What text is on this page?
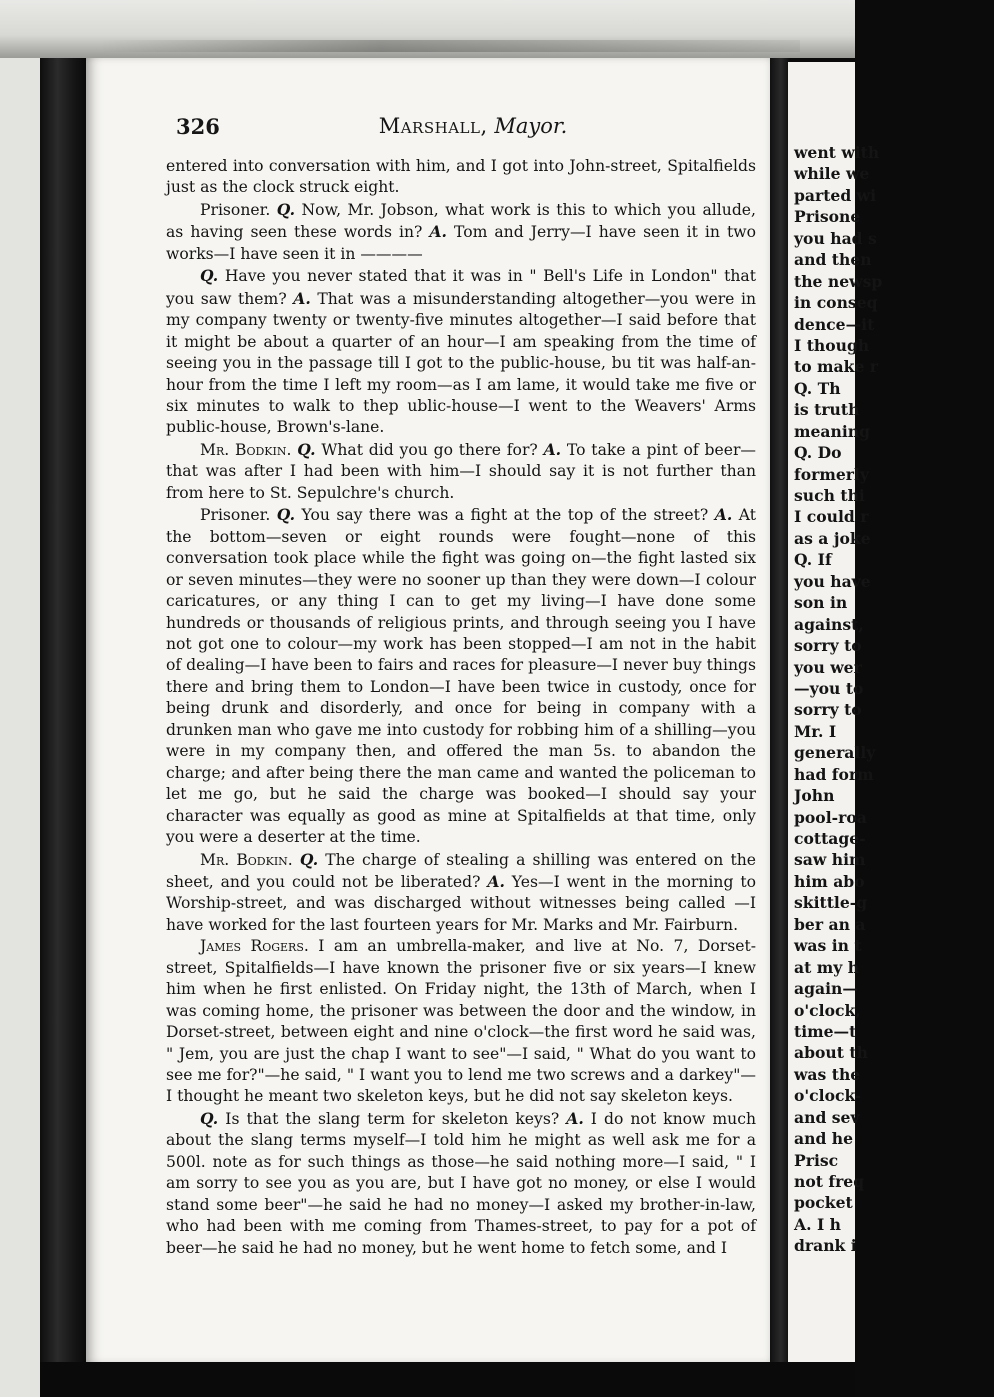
went with
while we
parted wi
Prisone
you had s
and then
the newsp
in conseq
dence—it
I though
to make r
Q. Th
is truth
meaning
Q. Do
formerly
such thi
I could r
as a joke
Q. If
you have
son in
against,
sorry to
you wer
—you to
sorry to
Mr. I
generally
had form
John
pool-roa
cottage-
saw him
him abo
skittle-g
ber an a
was in t
at my h
again—
o'clock,
time—t
about th
was the
o'clock-
and sev
and he
Prisc
not freq
pocket
A. I h
drank i
326	Marshall, Mayor.

entered into conversation with him, and I got into John-street, Spitalfields just as the clock struck eight.

Prisoner. Q. Now, Mr. Jobson, what work is this to which you allude, as having seen these words in? A. Tom and Jerry—I have seen it in two works—I have seen it in ————

Q. Have you never stated that it was in " Bell's Life in London" that you saw them? A. That was a misunderstanding altogether—you were in my company twenty or twenty-five minutes altogether—I said before that it might be about a quarter of an hour—I am speaking from the time of seeing you in the passage till I got to the public-house, bu tit was half-an-hour from the time I left my room—as I am lame, it would take me five or six minutes to walk to thep ublic-house—I went to the Weavers' Arms public-house, Brown's-lane.

Mr. Bodkin. Q. What did you go there for? A. To take a pint of beer—that was after I had been with him—I should say it is not further than from here to St. Sepulchre's church.

Prisoner. Q. You say there was a fight at the top of the street? A. At the bottom—seven or eight rounds were fought—none of this conversation took place while the fight was going on—the fight lasted six or seven minutes—they were no sooner up than they were down—I colour caricatures, or any thing I can to get my living—I have done some hundreds or thousands of religious prints, and through seeing you I have not got one to colour—my work has been stopped—I am not in the habit of dealing—I have been to fairs and races for pleasure—I never buy things there and bring them to London—I have been twice in custody, once for being drunk and disorderly, and once for being in company with a drunken man who gave me into custody for robbing him of a shilling—you were in my company then, and offered the man 5s. to abandon the charge; and after being there the man came and wanted the policeman to let me go, but he said the charge was booked—I should say your character was equally as good as mine at Spitalfields at that time, only you were a deserter at the time.

Mr. Bodkin. Q. The charge of stealing a shilling was entered on the sheet, and you could not be liberated? A. Yes—I went in the morning to Worship-street, and was discharged without witnesses being called —I have worked for the last fourteen years for Mr. Marks and Mr. Fairburn.

James Rogers. I am an umbrella-maker, and live at No. 7, Dorset-street, Spitalfields—I have known the prisoner five or six years—I knew him when he first enlisted. On Friday night, the 13th of March, when I was coming home, the prisoner was between the door and the window, in Dorset-street, between eight and nine o'clock—the first word he said was, " Jem, you are just the chap I want to see"—I said, " What do you want to see me for?"—he said, " I want you to lend me two screws and a darkey"—I thought he meant two skeleton keys, but he did not say skeleton keys.

Q. Is that the slang term for skeleton keys? A. I do not know much about the slang terms myself—I told him he might as well ask me for a 500l. note as for such things as those—he said nothing more—I said, " I am sorry to see you as you are, but I have got no money, or else I would stand some beer"—he said he had no money—I asked my brother-in-law, who had been with me coming from Thames-street, to pay for a pot of beer—he said he had no money, but he went home to fetch some, and I
